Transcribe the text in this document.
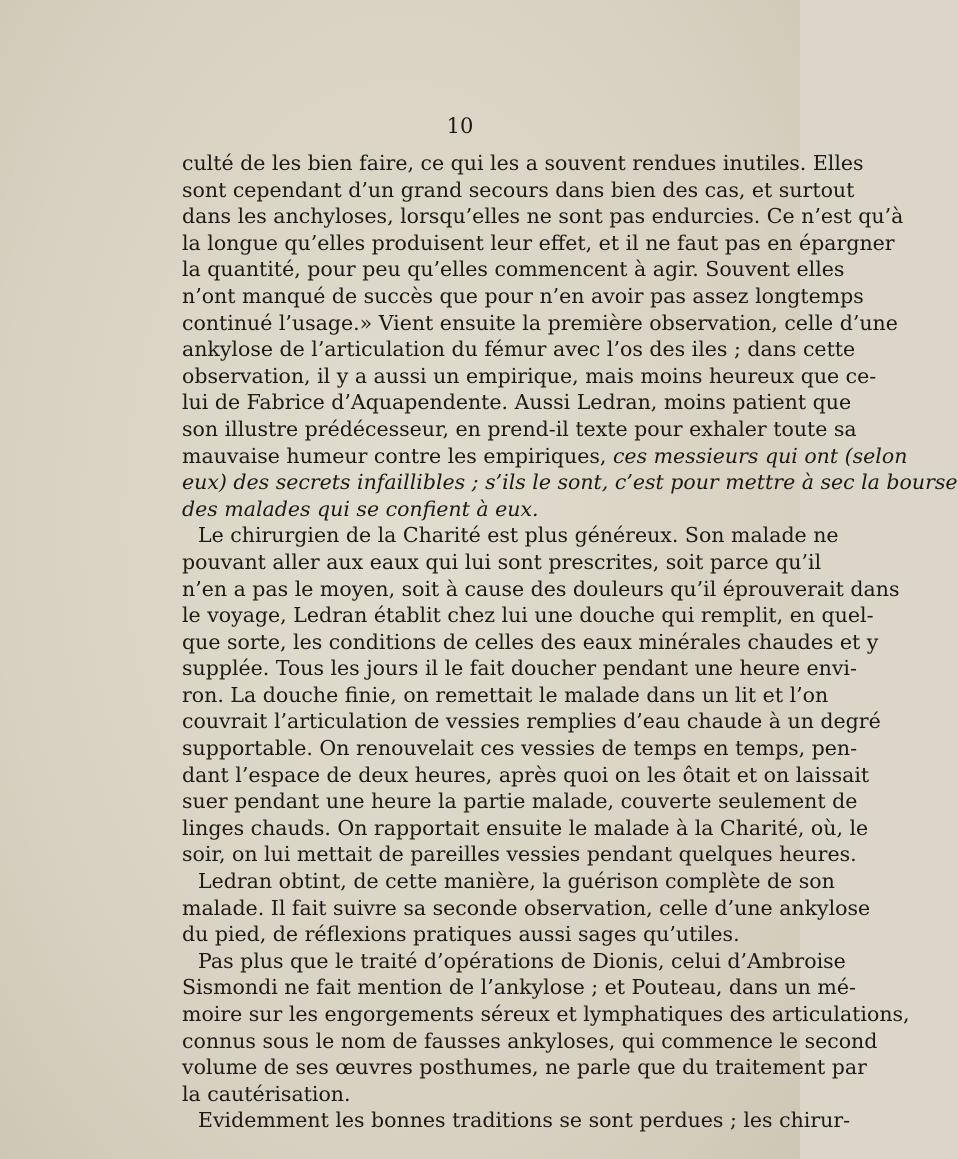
10
culté de les bien faire, ce qui les a souvent rendues inutiles. Elles
sont cependant d’un grand secours dans bien des cas, et surtout
dans les anchyloses, lorsqu’elles ne sont pas endurcies. Ce n’est qu’à
la longue qu’elles produisent leur effet, et il ne faut pas en épargner
la quantité, pour peu qu’elles commencent à agir. Souvent elles
n’ont manqué de succès que pour n’en avoir pas assez longtemps
continué l’usage.» Vient ensuite la première observation, celle d’une
ankylose de l’articulation du fémur avec l’os des iles ; dans cette
observation, il y a aussi un empirique, mais moins heureux que ce-
lui de Fabrice d’Aquapendente. Aussi Ledran, moins patient que
son illustre prédécesseur, en prend-il texte pour exhaler toute sa
mauvaise humeur contre les empiriques, ces messieurs qui ont (selon
eux) des secrets infaillibles ; s’ils le sont, c’est pour mettre à sec la bourse
des malades qui se confient à eux.
Le chirurgien de la Charité est plus généreux. Son malade ne
pouvant aller aux eaux qui lui sont prescrites, soit parce qu’il
n’en a pas le moyen, soit à cause des douleurs qu’il éprouverait dans
le voyage, Ledran établit chez lui une douche qui remplit, en quel-
que sorte, les conditions de celles des eaux minérales chaudes et y
supplée. Tous les jours il le fait doucher pendant une heure envi-
ron. La douche finie, on remettait le malade dans un lit et l’on
couvrait l’articulation de vessies remplies d’eau chaude à un degré
supportable. On renouvelait ces vessies de temps en temps, pen-
dant l’espace de deux heures, après quoi on les ôtait et on laissait
suer pendant une heure la partie malade, couverte seulement de
linges chauds. On rapportait ensuite le malade à la Charité, où, le
soir, on lui mettait de pareilles vessies pendant quelques heures.
Ledran obtint, de cette manière, la guérison complète de son
malade. Il fait suivre sa seconde observation, celle d’une ankylose
du pied, de réflexions pratiques aussi sages qu’utiles.
Pas plus que le traité d’opérations de Dionis, celui d’Ambroise
Sismondi ne fait mention de l’ankylose ; et Pouteau, dans un mé-
moire sur les engorgements séreux et lymphatiques des articulations,
connus sous le nom de fausses ankyloses, qui commence le second
volume de ses œuvres posthumes, ne parle que du traitement par
la cautérisation.
Evidemment les bonnes traditions se sont perdues ; les chirur-
